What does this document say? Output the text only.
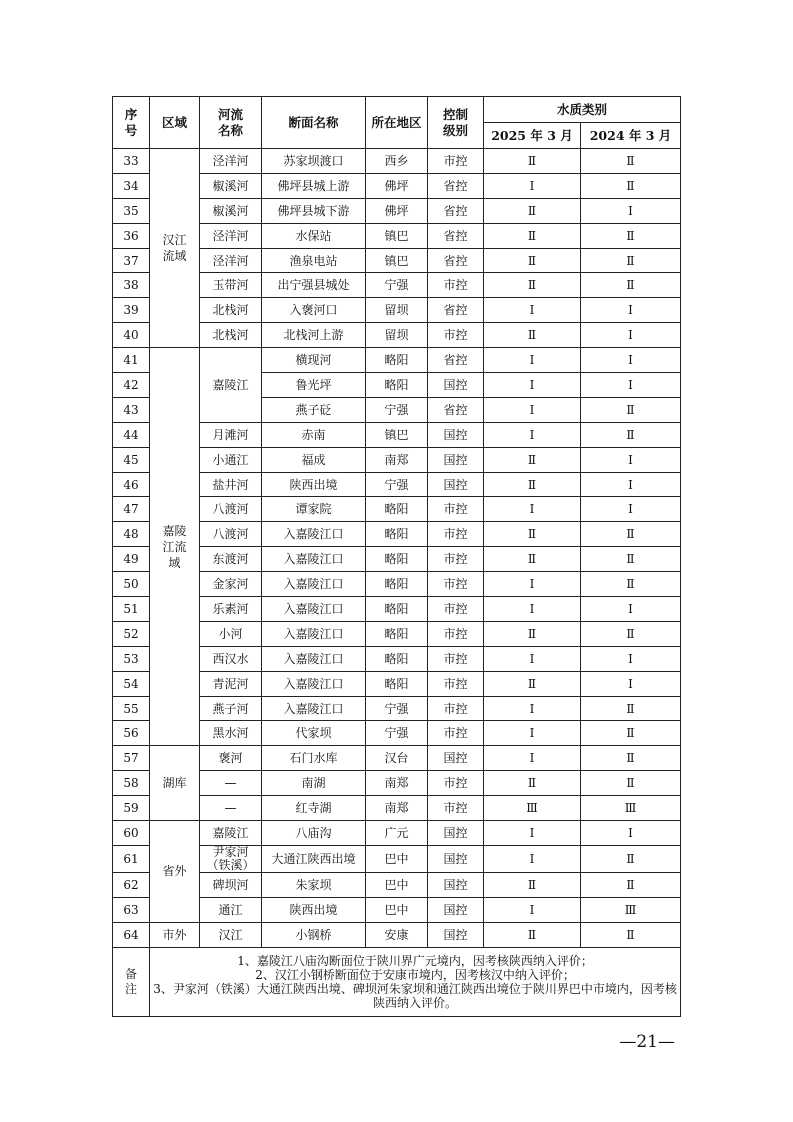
序号	区域	河流名称	断面名称	所在地区	控制级别	水质类别	
						2025 年 3 月	2024 年 3 月
33	汉江流域	泾洋河	苏家坝渡口	西乡	市控	Ⅱ	Ⅱ
34		椒溪河	佛坪县城上游	佛坪	省控	Ⅰ	Ⅱ
35		椒溪河	佛坪县城下游	佛坪	省控	Ⅱ	Ⅰ
36		泾洋河	水保站	镇巴	省控	Ⅱ	Ⅱ
37		泾洋河	渔泉电站	镇巴	省控	Ⅱ	Ⅱ
38		玉带河	出宁强县城处	宁强	市控	Ⅱ	Ⅱ
39		北栈河	入褒河口	留坝	省控	Ⅰ	Ⅰ
40		北栈河	北栈河上游	留坝	市控	Ⅱ	Ⅰ
41	嘉陵江流域	嘉陵江	横现河	略阳	省控	Ⅰ	Ⅰ
42			鲁光坪	略阳	国控	Ⅰ	Ⅰ
43			燕子砭	宁强	省控	Ⅰ	Ⅱ
44		月滩河	赤南	镇巴	国控	Ⅰ	Ⅱ
45		小通江	福成	南郑	国控	Ⅱ	Ⅰ
46		盐井河	陕西出境	宁强	国控	Ⅱ	Ⅰ
47		八渡河	谭家院	略阳	市控	Ⅰ	Ⅰ
48		八渡河	入嘉陵江口	略阳	市控	Ⅱ	Ⅱ
49		东渡河	入嘉陵江口	略阳	市控	Ⅱ	Ⅱ
50		金家河	入嘉陵江口	略阳	市控	Ⅰ	Ⅱ
51		乐素河	入嘉陵江口	略阳	市控	Ⅰ	Ⅰ
52		小河	入嘉陵江口	略阳	市控	Ⅱ	Ⅱ
53		西汉水	入嘉陵江口	略阳	市控	Ⅰ	Ⅰ
54		青泥河	入嘉陵江口	略阳	市控	Ⅱ	Ⅰ
55		燕子河	入嘉陵江口	宁强	市控	Ⅰ	Ⅱ
56		黑水河	代家坝	宁强	市控	Ⅰ	Ⅱ
57	湖库	褒河	石门水库	汉台	国控	Ⅰ	Ⅱ
58		—	南湖	南郑	市控	Ⅱ	Ⅱ
59		—	红寺湖	南郑	市控	Ⅲ	Ⅲ
60	省外	嘉陵江	八庙沟	广元	国控	Ⅰ	Ⅰ
61		尹家河（铁溪）	大通江陕西出境	巴中	国控	Ⅰ	Ⅱ
62		碑坝河	朱家坝	巴中	国控	Ⅱ	Ⅱ
63		通江	陕西出境	巴中	国控	Ⅰ	Ⅲ
64	市外	汉江	小钢桥	安康	国控	Ⅱ	Ⅱ
备注	1、嘉陵江八庙沟断面位于陕川界广元境内，因考核陕西纳入评价；
2、汉江小钢桥断面位于安康市境内，因考核汉中纳入评价；
3、尹家河（铁溪）大通江陕西出境、碑坝河朱家坝和通江陕西出境位于陕川界巴中市境内，因考核陕西纳入评价。						
—21—
